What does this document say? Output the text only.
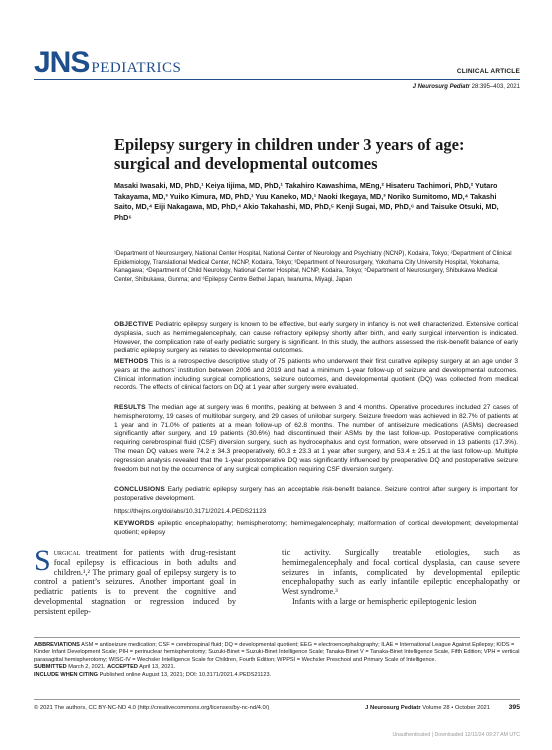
JNS PEDIATRICS	CLINICAL ARTICLE
J Neurosurg Pediatr 28:395–403, 2021
Epilepsy surgery in children under 3 years of age: surgical and developmental outcomes
Masaki Iwasaki, MD, PhD,¹ Keiya Iijima, MD, PhD,¹ Takahiro Kawashima, MEng,² Hisateru Tachimori, PhD,² Yutaro Takayama, MD,³ Yuiko Kimura, MD, PhD,¹ Yuu Kaneko, MD,¹ Naoki Ikegaya, MD,³ Noriko Sumitomo, MD,⁴ Takashi Saito, MD,⁴ Eiji Nakagawa, MD, PhD,⁴ Akio Takahashi, MD, PhD,⁵ Kenji Sugai, MD, PhD,⁶ and Taisuke Otsuki, MD, PhD⁶
¹Department of Neurosurgery, National Center Hospital, National Center of Neurology and Psychiatry (NCNP), Kodaira, Tokyo; ²Department of Clinical Epidemiology, Translational Medical Center, NCNP, Kodaira, Tokyo; ³Department of Neurosurgery, Yokohama City University Hospital, Yokohama, Kanagawa; ⁴Department of Child Neurology, National Center Hospital, NCNP, Kodaira, Tokyo; ⁵Department of Neurosurgery, Shibukawa Medical Center, Shibukawa, Gunma; and ⁶Epilepsy Centre Bethel Japan, Iwanuma, Miyagi, Japan

OBJECTIVE Pediatric epilepsy surgery is known to be effective, but early surgery in infancy is not well characterized. Extensive cortical dysplasia, such as hemimegalencephaly, can cause refractory epilepsy shortly after birth, and early surgical intervention is indicated. However, the complication rate of early pediatric surgery is significant. In this study, the authors assessed the risk-benefit balance of early pediatric epilepsy surgery as relates to developmental outcomes.

METHODS This is a retrospective descriptive study of 75 patients who underwent their first curative epilepsy surgery at an age under 3 years at the authors’ institution between 2006 and 2019 and had a minimum 1-year follow-up of seizure and developmental outcomes. Clinical information including surgical complications, seizure outcomes, and developmental quotient (DQ) was collected from medical records. The effects of clinical factors on DQ at 1 year after surgery were evaluated.

RESULTS The median age at surgery was 6 months, peaking at between 3 and 4 months. Operative procedures included 27 cases of hemispherotomy, 19 cases of multilobar surgery, and 29 cases of unilobar surgery. Seizure freedom was achieved in 82.7% of patients at 1 year and in 71.0% of patients at a mean follow-up of 62.8 months. The number of antiseizure medications (ASMs) decreased significantly after surgery, and 19 patients (30.6%) had discontinued their ASMs by the last follow-up. Postoperative complications requiring cerebrospinal fluid (CSF) diversion surgery, such as hydrocephalus and cyst formation, were observed in 13 patients (17.3%). The mean DQ values were 74.2 ± 34.3 preoperatively, 60.3 ± 23.3 at 1 year after surgery, and 53.4 ± 25.1 at the last follow-up. Multiple regression analysis revealed that the 1-year postoperative DQ was significantly influenced by preoperative DQ and postoperative seizure freedom but not by the occurrence of any surgical complication requiring CSF diversion surgery.

CONCLUSIONS Early pediatric epilepsy surgery has an acceptable risk-benefit balance. Seizure control after surgery is important for postoperative development.

https://thejns.org/doi/abs/10.3171/2021.4.PEDS21123

KEYWORDS epileptic encephalopathy; hemispherotomy; hemimegalencephaly; malformation of cortical development; developmental quotient; epilepsy

Surgical treatment for patients with drug-resistant focal epilepsy is efficacious in both adults and children.¹,² The primary goal of epilepsy surgery is to control a patient’s seizures. Another important goal in pediatric patients is to prevent the cognitive and developmental stagnation or regression induced by persistent epilep-
tic activity. Surgically treatable etiologies, such as hemimegalencephaly and focal cortical dysplasia, can cause severe seizures in infants, complicated by developmental epileptic encephalopathy such as early infantile epileptic encephalopathy or West syndrome.³
Infants with a large or hemispheric epileptogenic lesion

ABBREVIATIONS ASM = antiseizure medication; CSF = cerebrospinal fluid; DQ = developmental quotient; EEG = electroencephalography; ILAE = International League Against Epilepsy; KIDS = Kinder Infant Development Scale; PIH = perinuclear hemispherotomy; Suzuki-Binet = Suzuki-Binet Intelligence Scale; Tanaka-Binet V = Tanaka-Binet Intelligence Scale, Fifth Edition; VPH = vertical parasagittal hemispherotomy; WISC-IV = Wechsler Intelligence Scale for Children, Fourth Edition; WPPSI = Wechsler Preschool and Primary Scale of Intelligence.

SUBMITTED March 2, 2021. ACCEPTED April 13, 2021.

INCLUDE WHEN CITING Published online August 13, 2021; DOI: 10.3171/2021.4.PEDS21123.

© 2021 The authors, CC BY-NC-ND 4.0 (http://creativecommons.org/licenses/by-nc-nd/4.0/)	J Neurosurg Pediatr Volume 28 • October 2021	395
Unauthenticated | Downloaded 12/11/24 09:27 AM UTC
